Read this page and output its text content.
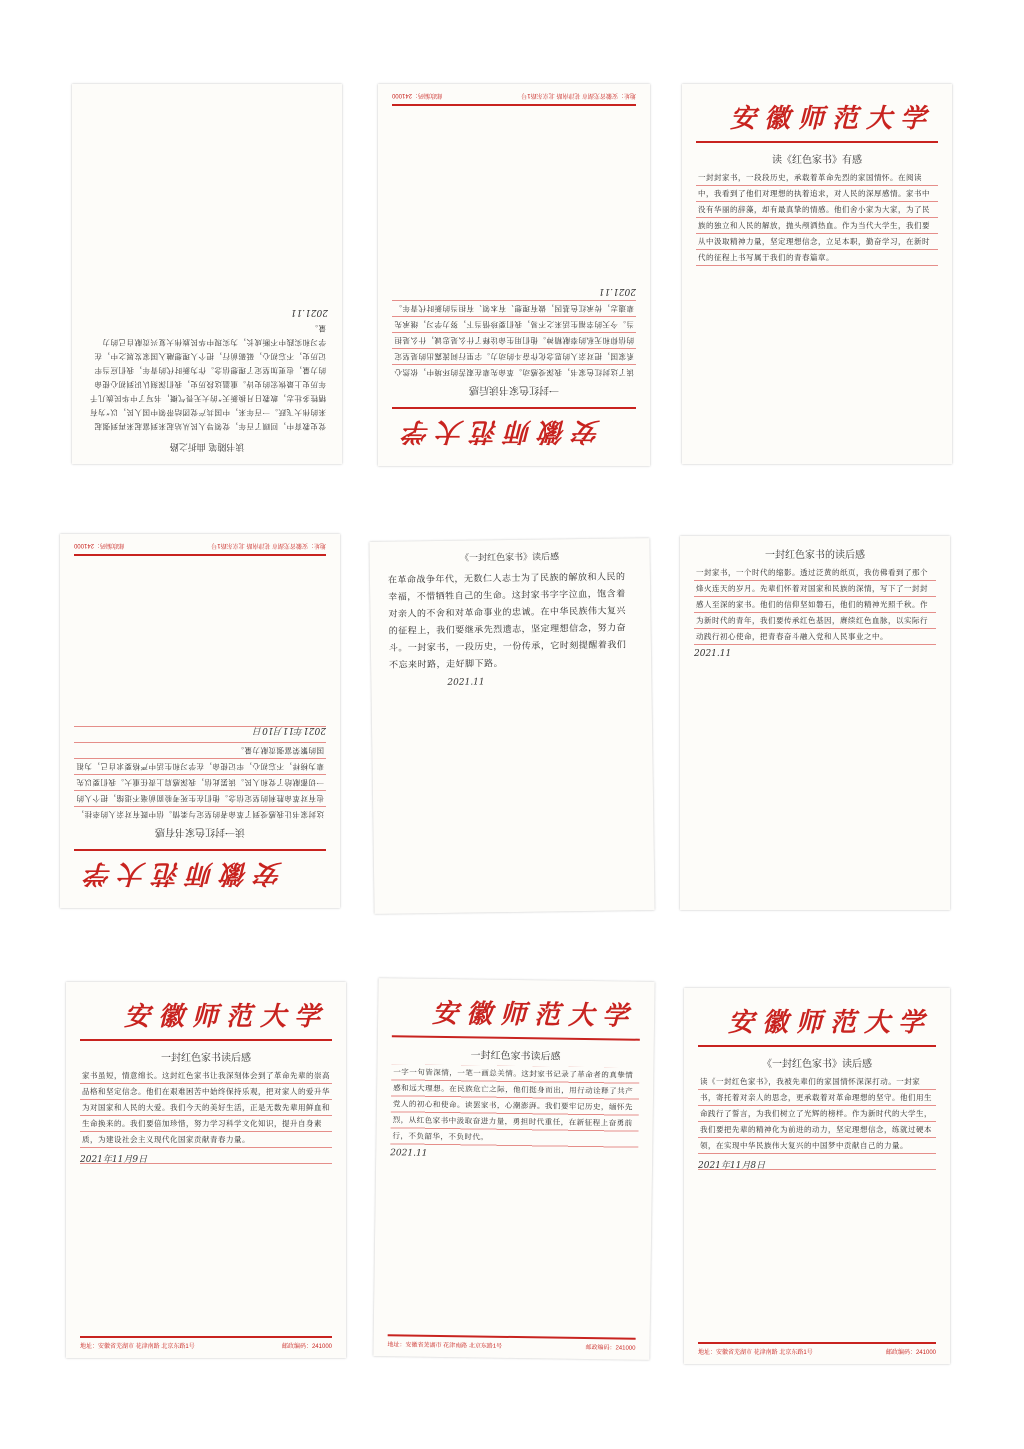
读书随笔 曲折之路

党史教育中，回顾了百年，党领导人民从站起来到富起来再到强起来的伟大飞跃。一百年来，中国共产党团结带领中国人民，以“为有牺牲多壮志，敢教日月换新天”的大无畏气概，书写了中华民族几千年历史上最恢宏的史诗。重温这段历史，我们深刻认识到初心使命的力量，也更加坚定了理想信念。作为新时代的青年，我们应当牢记历史，不忘初心，砥砺前行，把个人理想融入国家发展之中，在学习和实践中不断成长，为实现中华民族伟大复兴贡献自己的力量。

2021.11
安徽师范大学
一封红色家书读后感

读了这封红色家书，我深受感动。革命先辈在艰苦的环境中，依然心系家国，把对亲人的思念化作奋斗的动力。字里行间流露出的是坚定的信仰和无私的奉献精神。他们用生命诠释了什么是忠诚，什么是担当。今天的幸福生活来之不易，我们要珍惜当下，努力学习，继承先辈遗志，传承红色基因，做有理想、有本领、有担当的新时代青年。

2021.11
地址：安徽省芜湖市 花津南路 北京东路1号
邮政编码：241000
安徽师范大学
读《红色家书》有感

一封封家书，一段段历史，承载着革命先烈的家国情怀。在阅读中，我看到了他们对理想的执着追求，对人民的深厚感情。家书中没有华丽的辞藻，却有最真挚的情感。他们舍小家为大家，为了民族的独立和人民的解放，抛头颅洒热血。作为当代大学生，我们要从中汲取精神力量，坚定理想信念，立足本职，勤奋学习，在新时代的征程上书写属于我们的青春篇章。

安徽师范大学
读一封红色家书有感

这封家书让我感受到了革命者的坚定与柔情。信中既有对亲人的牵挂，也有对革命胜利的坚定信念。他们在生死考验面前毫不退缩，把个人的一切都献给了党和人民。读罢此信，我深感肩上责任重大。我们要以先辈为榜样，不忘初心，牢记使命，在学习和生活中严格要求自己，为祖国的繁荣富强贡献力量。

2021年11月10日
地址：安徽省芜湖市 花津南路 北京东路1号
邮政编码：241000
《一封红色家书》读后感

在革命战争年代，无数仁人志士为了民族的解放和人民的幸福，不惜牺牲自己的生命。这封家书字字泣血，饱含着对亲人的不舍和对革命事业的忠诚。在中华民族伟大复兴的征程上，我们要继承先烈遗志，坚定理想信念，努力奋斗。一封家书，一段历史，一份传承，它时刻提醒着我们不忘来时路，走好脚下路。

2021.11
一封红色家书的读后感

一封家书，一个时代的缩影。透过泛黄的纸页，我仿佛看到了那个烽火连天的岁月。先辈们怀着对国家和民族的深情，写下了一封封感人至深的家书。他们的信仰坚如磐石，他们的精神光照千秋。作为新时代的青年，我们要传承红色基因，赓续红色血脉，以实际行动践行初心使命，把青春奋斗融入党和人民事业之中。

2021.11
安徽师范大学
一封红色家书读后感

家书虽短，情意绵长。这封红色家书让我深刻体会到了革命先辈的崇高品格和坚定信念。他们在艰难困苦中始终保持乐观，把对家人的爱升华为对国家和人民的大爱。我们今天的美好生活，正是无数先辈用鲜血和生命换来的。我们要倍加珍惜，努力学习科学文化知识，提升自身素质，为建设社会主义现代化国家贡献青春力量。

2021年11月9日
地址：安徽省芜湖市 花津南路 北京东路1号	邮政编码：241000
安徽师范大学
一封红色家书读后感

一字一句皆深情，一笔一画总关情。这封家书记录了革命者的真挚情感和远大理想。在民族危亡之际，他们挺身而出，用行动诠释了共产党人的初心和使命。读罢家书，心潮澎湃。我们要牢记历史，缅怀先烈，从红色家书中汲取奋进力量，勇担时代重任，在新征程上奋勇前行，不负韶华，不负时代。

2021.11
地址：安徽省芜湖市 花津南路 北京东路1号	邮政编码：241000
安徽师范大学
《一封红色家书》读后感

读《一封红色家书》，我被先辈们的家国情怀深深打动。一封家书，寄托着对亲人的思念，更承载着对革命理想的坚守。他们用生命践行了誓言，为我们树立了光辉的榜样。作为新时代的大学生，我们要把先辈的精神化为前进的动力，坚定理想信念，练就过硬本领，在实现中华民族伟大复兴的中国梦中贡献自己的力量。

2021年11月8日
地址：安徽省芜湖市 花津南路 北京东路1号	邮政编码：241000
